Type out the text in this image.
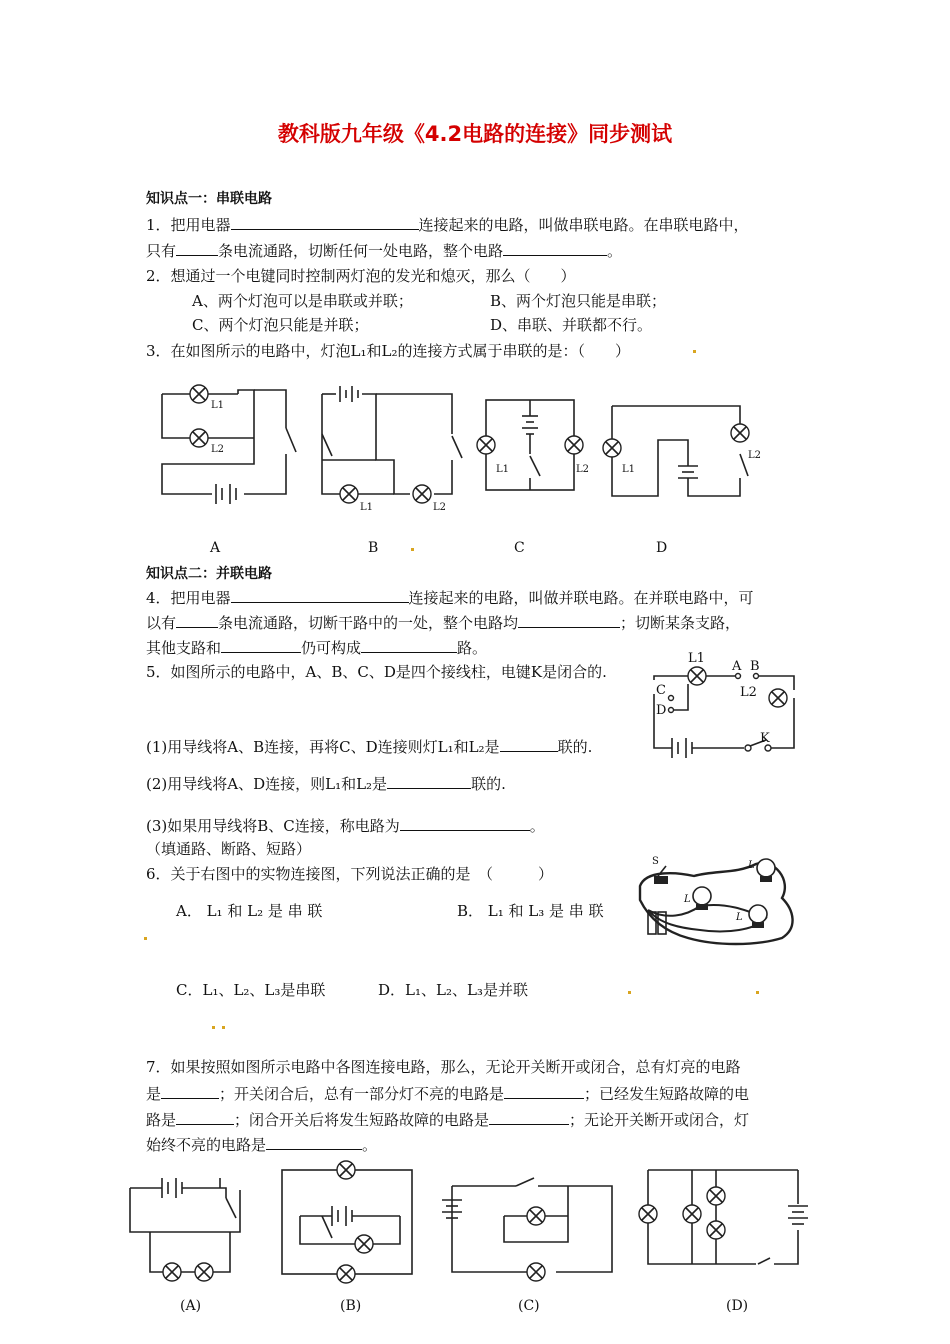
教科版九年级《4.2电路的连接》同步测试
知识点一：串联电路
1．把用电器	连接起来的电路，叫做串联电路。在串联电路中，
只有	条电流通路，切断任何一处电路，整个电路	。
2．想通过一个电键同时控制两灯泡的发光和熄灭，那么（　　）
A、两个灯泡可以是串联或并联；	B、两个灯泡只能是串联；
C、两个灯泡只能是并联；	D、串联、并联都不行。
3．在如图所示的电路中，灯泡L₁和L₂的连接方式属于串联的是：（　　）
L1
L2
L1	L2
L1	L2	L1
L2
A	B	C	D
知识点二：并联电路
4．把用电器	连接起来的电路，叫做并联电路。在并联电路中，可
以有	条电流通路，切断干路中的一处，整个电路均	；切断某条支路，
其他支路和	仍可构成	路。
5．如图所示的电路中，A、B、C、D是四个接线柱，电键K是闭合的.
L1
A B
L2
C
D
K
(1)用导线将A、B连接，再将C、D连接则灯L₁和L₂是	联的.
(2)用导线将A、D连接，则L₁和L₂是	联的.
(3)如果用导线将B、C连接，称电路为	。
（填通路、断路、短路）
6．关于右图中的实物连接图，下列说法正确的是　（　　　）
A． L₁ 和 L₂ 是 串 联	B． L₁ 和 L₃ 是 串 联
C．L₁、L₂、L₃是串联	D．L₁、L₂、L₃是并联
S	L
L
L
7．如果按照如图所示电路中各图连接电路，那么，无论开关断开或闭合，总有灯亮的电路
是	；开关闭合后，总有一部分灯不亮的电路是	；已经发生短路故障的电
路是	；闭合开关后将发生短路故障的电路是	；无论开关断开或闭合，灯
始终不亮的电路是	。
(A)	(B)	(C)	(D)
